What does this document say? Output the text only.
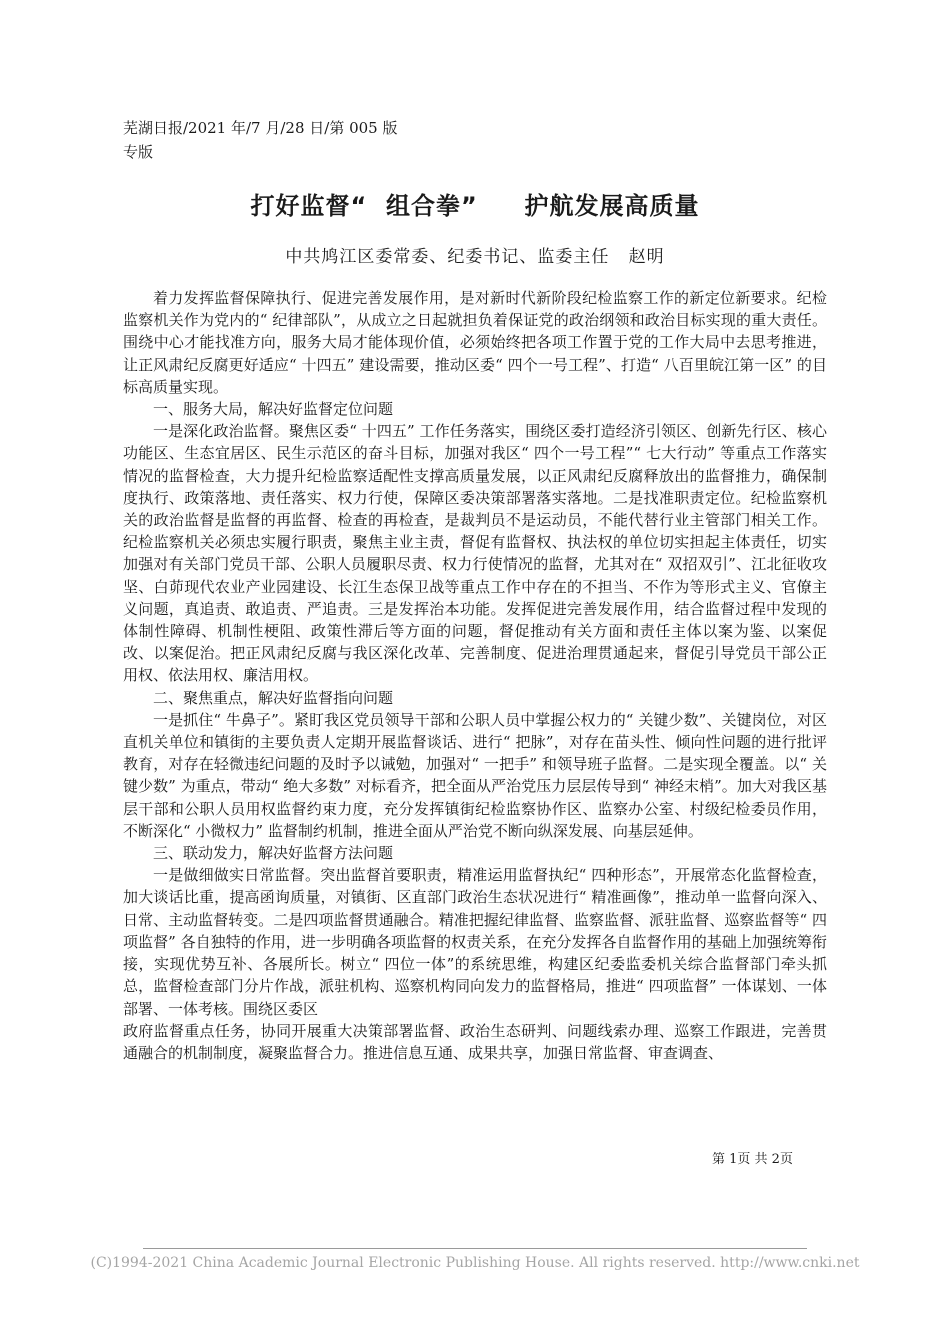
芜湖日报/2021 年/7 月/28 日/第 005 版专版
打好监督“  组合拳” 护航发展高质量
中共鸠江区委常委、纪委书记、监委主任 赵明

着力发挥监督保障执行、促进完善发展作用，是对新时代新阶段纪检监察工作的新定位新要求。纪检监察机关作为党内的“ 纪律部队”，从成立之日起就担负着保证党的政治纲领和政治目标实现的重大责任。围绕中心才能找准方向，服务大局才能体现价值，必须始终把各项工作置于党的工作大局中去思考推进，让正风肃纪反腐更好适应“ 十四五” 建设需要，推动区委“ 四个一号工程”、打造“ 八百里皖江第一区” 的目标高质量实现。

一、服务大局，解决好监督定位问题

一是深化政治监督。聚焦区委“ 十四五” 工作任务落实，围绕区委打造经济引领区、创新先行区、核心功能区、生态宜居区、民生示范区的奋斗目标，加强对我区“ 四个一号工程”“ 七大行动” 等重点工作落实情况的监督检查，大力提升纪检监察适配性支撑高质量发展，以正风肃纪反腐释放出的监督推力，确保制度执行、政策落地、责任落实、权力行使，保障区委决策部署落实落地。二是找准职责定位。纪检监察机关的政治监督是监督的再监督、检查的再检查，是裁判员不是运动员，不能代替行业主管部门相关工作。纪检监察机关必须忠实履行职责，聚焦主业主责，督促有监督权、执法权的单位切实担起主体责任，切实加强对有关部门党员干部、公职人员履职尽责、权力行使情况的监督，尤其对在“ 双招双引”、江北征收攻坚、白茆现代农业产业园建设、长江生态保卫战等重点工作中存在的不担当、不作为等形式主义、官僚主义问题，真追责、敢追责、严追责。三是发挥治本功能。发挥促进完善发展作用，结合监督过程中发现的体制性障碍、机制性梗阻、政策性滞后等方面的问题，督促推动有关方面和责任主体以案为鉴、以案促改、以案促治。把正风肃纪反腐与我区深化改革、完善制度、促进治理贯通起来，督促引导党员干部公正用权、依法用权、廉洁用权。

二、聚焦重点，解决好监督指向问题

一是抓住“ 牛鼻子”。紧盯我区党员领导干部和公职人员中掌握公权力的“ 关键少数”、关键岗位，对区直机关单位和镇街的主要负责人定期开展监督谈话、进行“ 把脉”，对存在苗头性、倾向性问题的进行批评教育，对存在轻微违纪问题的及时予以诫勉，加强对“ 一把手” 和领导班子监督。二是实现全覆盖。以“ 关键少数” 为重点，带动“ 绝大多数” 对标看齐，把全面从严治党压力层层传导到“ 神经末梢”。加大对我区基层干部和公职人员用权监督约束力度，充分发挥镇街纪检监察协作区、监察办公室、村级纪检委员作用，不断深化“ 小微权力” 监督制约机制，推进全面从严治党不断向纵深发展、向基层延伸。

三、联动发力，解决好监督方法问题

一是做细做实日常监督。突出监督首要职责，精准运用监督执纪“ 四种形态”，开展常态化监督检查，加大谈话比重，提高函询质量，对镇街、区直部门政治生态状况进行“ 精准画像”，推动单一监督向深入、日常、主动监督转变。二是四项监督贯通融合。精准把握纪律监督、监察监督、派驻监督、巡察监督等“ 四项监督” 各自独特的作用，进一步明确各项监督的权责关系，在充分发挥各自监督作用的基础上加强统筹衔接，实现优势互补、各展所长。树立“ 四位一体”的系统思维，构建区纪委监委机关综合监督部门牵头抓总，监督检查部门分片作战，派驻机构、巡察机构同向发力的监督格局，推进“ 四项监督” 一体谋划、一体部署、一体考核。围绕区委区

政府监督重点任务，协同开展重大决策部署监督、政治生态研判、问题线索办理、巡察工作跟进，完善贯通融合的机制制度，凝聚监督合力。推进信息互通、成果共享，加强日常监督、审查调查、

第 1页 共 2页
(C)1994-2021 China Academic Journal Electronic Publishing House. All rights reserved. http://www.cnki.net
